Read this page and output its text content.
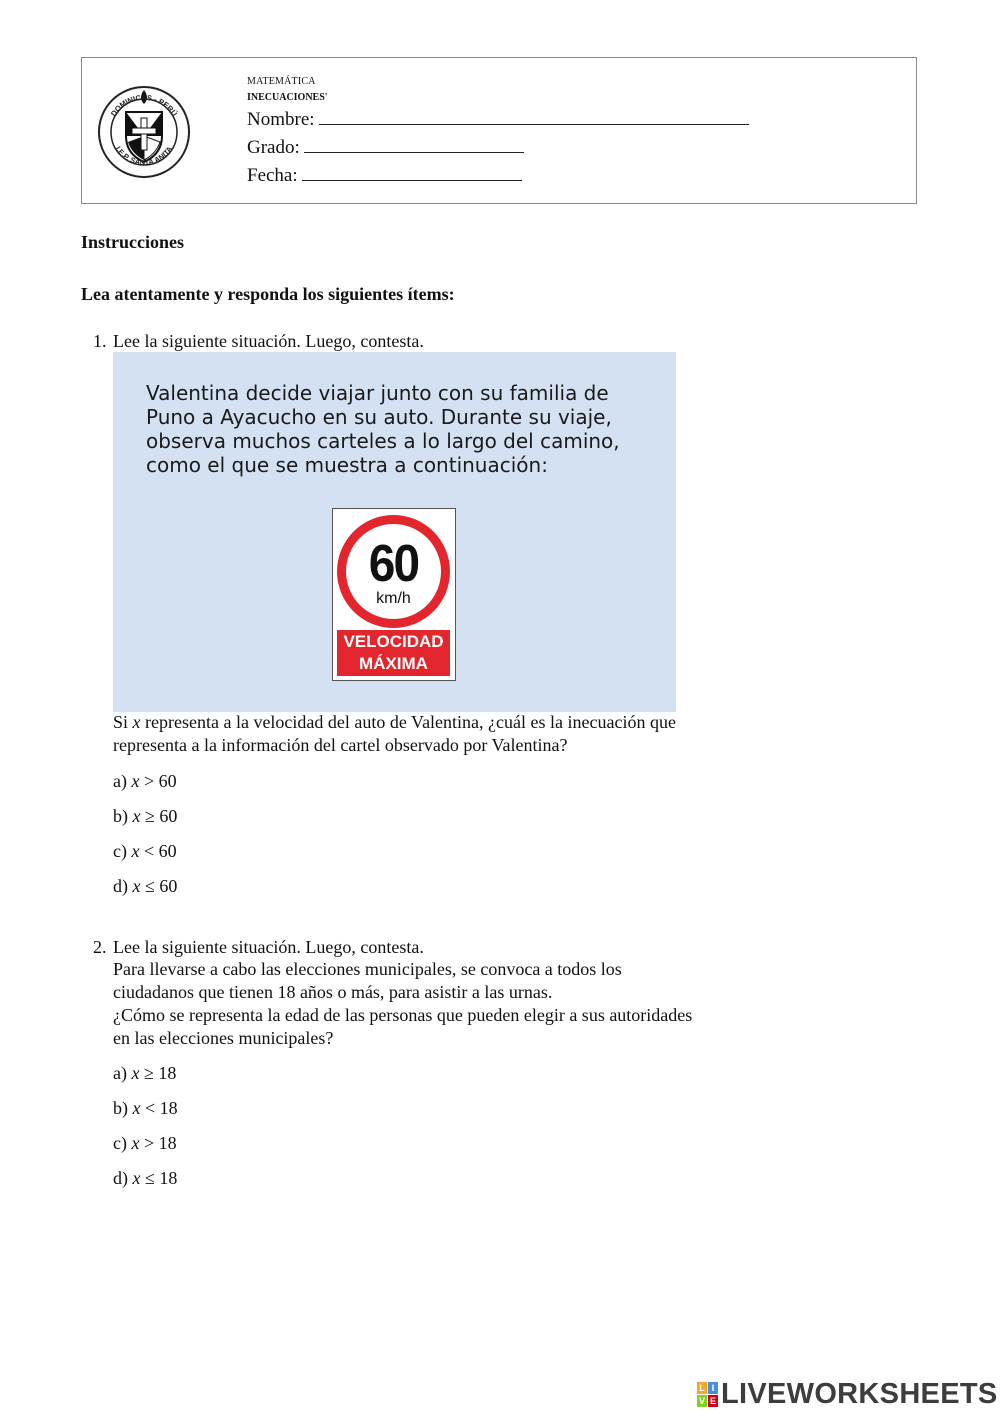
DOMINICAS - PERÚ
I.E.P. SANTA ANITA
MATEMÁTICA
INECUACIONES'
Nombre:
Grado:
Fecha:
Instrucciones
Lea atentamente y responda los siguientes ítems:
1. Lee la siguiente situación. Luego, contesta.
Valentina decide viajar junto con su familia de
Puno a Ayacucho en su auto. Durante su viaje,
observa muchos carteles a lo largo del camino,
como el que se muestra a continuación:
60
km/h
VELOCIDAD
MÁXIMA
Si x representa a la velocidad del auto de Valentina, ¿cuál es la inecuación que
representa a la información del cartel observado por Valentina?
a) x > 60
b) x ≥ 60
c) x < 60
d) x ≤ 60
2. Lee la siguiente situación. Luego, contesta.
Para llevarse a cabo las elecciones municipales, se convoca a todos los
ciudadanos que tienen 18 años o más, para asistir a las urnas.
¿Cómo se representa la edad de las personas que pueden elegir a sus autoridades
en las elecciones municipales?
a) x ≥ 18
b) x < 18
c) x > 18
d) x ≤ 18
L I
V E LIVEWORKSHEETS
